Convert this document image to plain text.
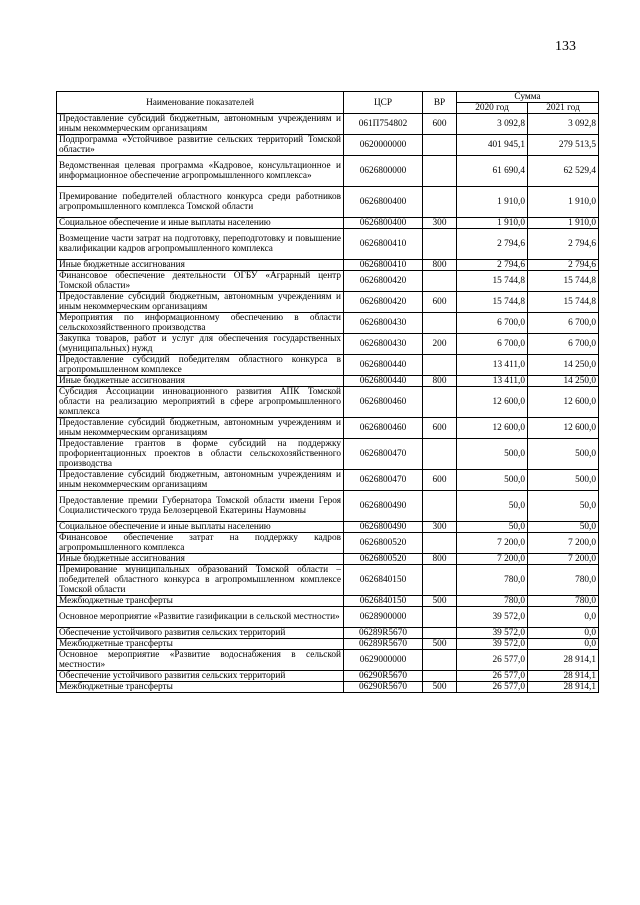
133
Наименование показателей	ЦСР	ВР	Сумма	
			2020 год	2021 год
Предоставление субсидий бюджетным, автономным учреждениям и иным некоммерческим организациям	061П754802	600	3 092,8	3 092,8
Подпрограмма «Устойчивое развитие сельских территорий Томской области»	0620000000		401 945,1	279 513,5
Ведомственная целевая программа «Кадровое, консультационное и информационное обеспечение агропромышленного комплекса»	0626800000		61 690,4	62 529,4
Премирование победителей областного конкурса среди работников агропромышленного комплекса Томской области	0626800400		1 910,0	1 910,0
Социальное обеспечение и иные выплаты населению	0626800400	300	1 910,0	1 910,0
Возмещение части затрат на подготовку, переподготовку и повышение квалификации кадров агропромышленного комплекса	0626800410		2 794,6	2 794,6
Иные бюджетные ассигнования	0626800410	800	2 794,6	2 794,6
Финансовое обеспечение деятельности ОГБУ «Аграрный центр Томской области»	0626800420		15 744,8	15 744,8
Предоставление субсидий бюджетным, автономным учреждениям и иным некоммерческим организациям	0626800420	600	15 744,8	15 744,8
Мероприятия по информационному обеспечению в области сельскохозяйственного производства	0626800430		6 700,0	6 700,0
Закупка товаров, работ и услуг для обеспечения государственных (муниципальных) нужд	0626800430	200	6 700,0	6 700,0
Предоставление субсидий победителям областного конкурса в агропромышленном комплексе	0626800440		13 411,0	14 250,0
Иные бюджетные ассигнования	0626800440	800	13 411,0	14 250,0
Субсидия Ассоциации инновационного развития АПК Томской области на реализацию мероприятий в сфере агропромышленного комплекса	0626800460		12 600,0	12 600,0
Предоставление субсидий бюджетным, автономным учреждениям и иным некоммерческим организациям	0626800460	600	12 600,0	12 600,0
Предоставление грантов в форме субсидий на поддержку профориентационных проектов в области сельскохозяйственного производства	0626800470		500,0	500,0
Предоставление субсидий бюджетным, автономным учреждениям и иным некоммерческим организациям	0626800470	600	500,0	500,0
Предоставление премии Губернатора Томской области имени Героя Социалистического труда Белозерцевой Екатерины Наумовны	0626800490		50,0	50,0
Социальное обеспечение и иные выплаты населению	0626800490	300	50,0	50,0
Финансовое обеспечение затрат на поддержку кадров агропромышленного комплекса	0626800520		7 200,0	7 200,0
Иные бюджетные ассигнования	0626800520	800	7 200,0	7 200,0
Премирование муниципальных образований Томской области – победителей областного конкурса в агропромышленном комплексе Томской области	0626840150		780,0	780,0
Межбюджетные трансферты	0626840150	500	780,0	780,0
Основное мероприятие «Развитие газификации в сельской местности»	0628900000		39 572,0	0,0
Обеспечение устойчивого развития сельских территорий	06289R5670		39 572,0	0,0
Межбюджетные трансферты	06289R5670	500	39 572,0	0,0
Основное мероприятие «Развитие водоснабжения в сельской местности»	0629000000		26 577,0	28 914,1
Обеспечение устойчивого развития сельских территорий	06290R5670		26 577,0	28 914,1
Межбюджетные трансферты	06290R5670	500	26 577,0	28 914,1
